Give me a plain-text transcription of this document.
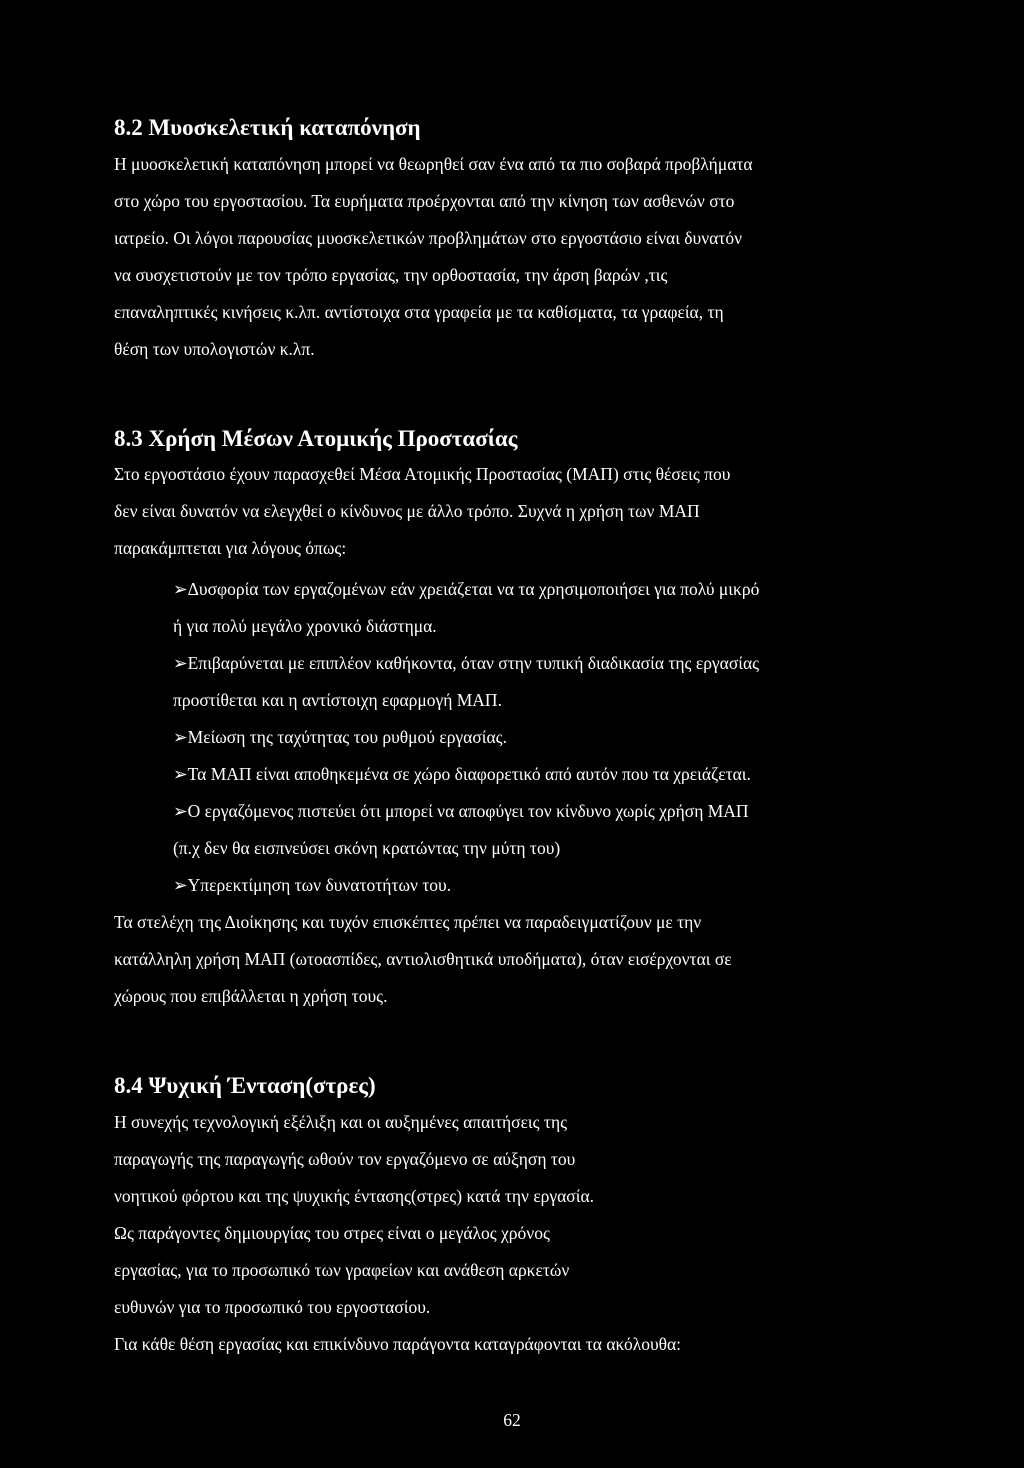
8.2 Μυοσκελετική καταπόνηση
Η μυοσκελετική καταπόνηση μπορεί να θεωρηθεί σαν ένα από τα πιο σοβαρά προβλήματα
στο χώρο του εργοστασίου. Τα ευρήματα προέρχονται από την κίνηση των ασθενών στο
ιατρείο. Οι λόγοι παρουσίας μυοσκελετικών προβλημάτων στο εργοστάσιο είναι δυνατόν
να συσχετιστούν με τον τρόπο εργασίας, την ορθοστασία, την άρση βαρών ,τις
επαναληπτικές κινήσεις κ.λπ. αντίστοιχα στα γραφεία με τα καθίσματα, τα γραφεία, τη
θέση των υπολογιστών κ.λπ.
8.3 Χρήση Μέσων Ατομικής Προστασίας
Στο εργοστάσιο έχουν παρασχεθεί Μέσα Ατομικής Προστασίας (ΜΑΠ) στις θέσεις που
δεν είναι δυνατόν να ελεγχθεί ο κίνδυνος με άλλο τρόπο. Συχνά η χρήση των ΜΑΠ
παρακάμπτεται για λόγους όπως:
➢Δυσφορία των εργαζομένων εάν χρειάζεται να τα χρησιμοποιήσει για πολύ μικρό
ή για πολύ μεγάλο χρονικό διάστημα.
➢Επιβαρύνεται με επιπλέον καθήκοντα, όταν στην τυπική διαδικασία της εργασίας
προστίθεται και η αντίστοιχη εφαρμογή ΜΑΠ.
➢Μείωση της ταχύτητας του ρυθμού εργασίας.
➢Τα ΜΑΠ είναι αποθηκεμένα σε χώρο διαφορετικό από αυτόν που τα χρειάζεται.
➢Ο εργαζόμενος πιστεύει ότι μπορεί να αποφύγει τον κίνδυνο χωρίς χρήση ΜΑΠ
(π.χ δεν θα εισπνεύσει σκόνη κρατώντας την μύτη του)
➢Υπερεκτίμηση των δυνατοτήτων του.
Τα στελέχη της Διοίκησης και τυχόν επισκέπτες πρέπει να παραδειγματίζουν με την
κατάλληλη χρήση ΜΑΠ (ωτοασπίδες, αντιολισθητικά υποδήματα), όταν εισέρχονται σε
χώρους που επιβάλλεται η χρήση τους.
8.4 Ψυχική Ένταση(στρες)
Η συνεχής τεχνολογική εξέλιξη και οι αυξημένες απαιτήσεις της
παραγωγής της παραγωγής ωθούν τον εργαζόμενο σε αύξηση του
νοητικού φόρτου και της ψυχικής έντασης(στρες) κατά την εργασία.
Ως παράγοντες δημιουργίας του στρες είναι ο μεγάλος χρόνος
εργασίας, για το προσωπικό των γραφείων και ανάθεση αρκετών
ευθυνών για το προσωπικό του εργοστασίου.
Για κάθε θέση εργασίας και επικίνδυνο παράγοντα καταγράφονται τα ακόλουθα:
62
